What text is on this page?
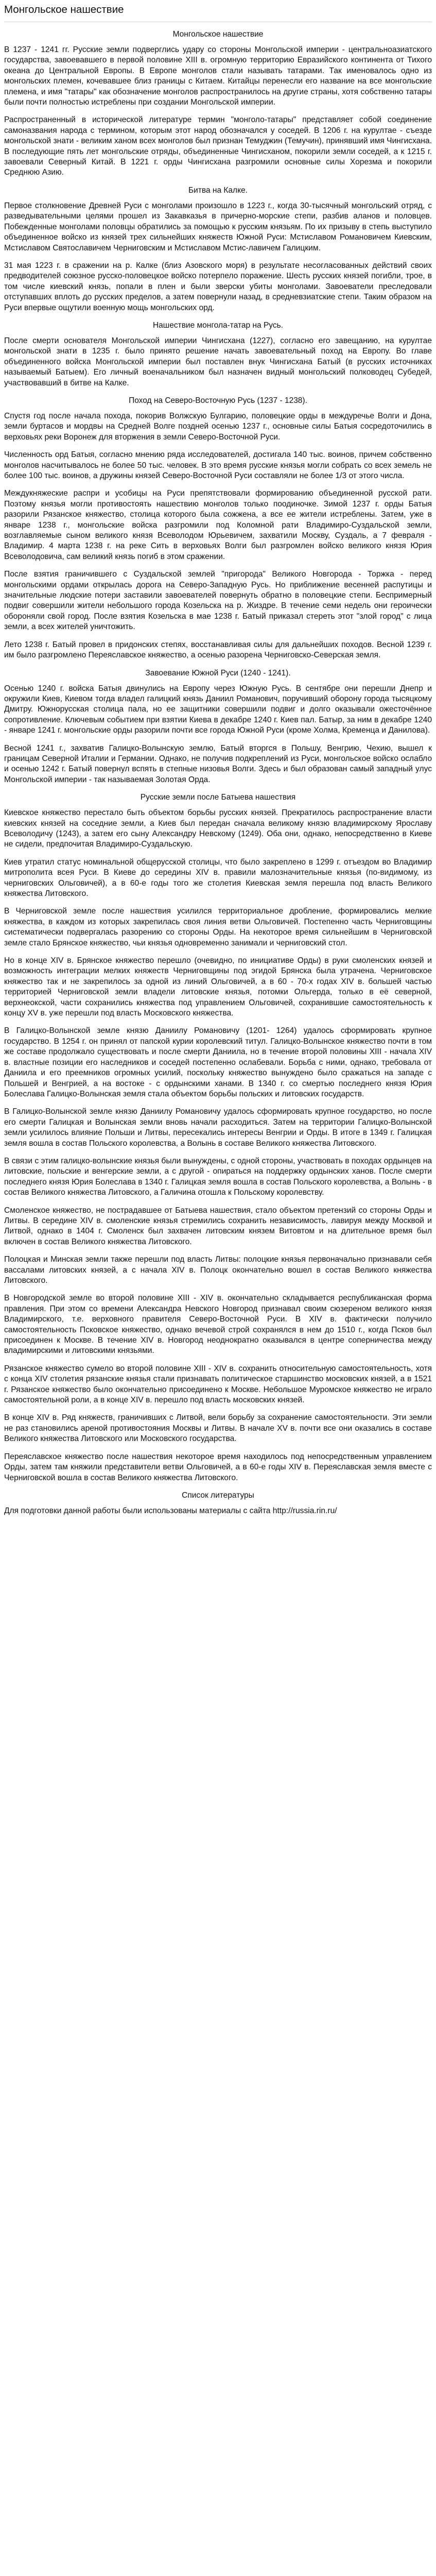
Монгольское нашествие
Монгольское нашествие

В 1237 - 1241 гг. Русские земли подверглись удару со стороны Монгольской империи - центральноазиатского государства, завоевавшего в первой половине XIII в. огромную территорию Евразийского континента от Тихого океана до Центральной Европы. В Европе монголов стали называть татарами. Так именовалось одно из монгольских племен, кочевавшее близ границы с Китаем. Китайцы перенесли его название на все монгольские племена, и имя "татары" как обозначение монголов распространилось на другие страны, хотя собственно татары были почти полностью истреблены при создании Монгольской империи.

Распространенный в исторической литературе термин "монголо-татары" представляет собой соединение самоназвания народа с термином, которым этот народ обозначался у соседей. В 1206 г. на курултае - съезде монгольской знати - великим ханом всех монголов был признан Темуджин (Темучин), принявший имя Чингисхана. В последующие пять лет монгольские отряды, объединенные Чингисханом, покорили земли соседей, а к 1215 г. завоевали Северный Китай. В 1221 г. орды Чингисхана разгромили основные силы Хорезма и покорили Среднюю Азию.

Битва на Калке.

Первое столкновение Древней Руси с монголами произошло в 1223 г., когда 30-тысячный монгольский отряд, с разведывательными целями прошел из Закавказья в причерно-морские степи, разбив аланов и половцев. Побежденные монголами половцы обратились за помощью к русским князьям. По их призыву в степь выступило объединенное войско из князей трех сильнейших княжеств Южной Руси: Мстиславом Романовичем Киевским, Мстиславом Святославичем Черниговским и Мстиславом Мстис-лавичем Галицким.

31 мая 1223 г. в сражении на р. Калке (близ Азовского моря) в результате несогласованных действий своих предводителей союзное русско-половецкое войско потерпело поражение. Шесть русских князей погибли, трое, в том числе киевский князь, попали в плен и были зверски убиты монголами. Завоеватели преследовали отступавших вплоть до русских пределов, а затем повернули назад, в средневзиатские степи. Таким образом на Руси впервые ощутили военную мощь монгольских орд.

Нашествие монгола-татар на Русь.

После смерти основателя Монгольской империи Чингисхана (1227), согласно его завещанию, на курултае монгольской знати в 1235 г. было принято решение начать завоевательный поход на Европу. Во главе объединенного войска Монгольской империи был поставлен внук Чингисхана Батый (в русских источниках называемый Батыем). Его личный военачальником был назначен видный монгольский полководец Субедей, участвовавший в битве на Калке.

Поход на Северо-Восточную Русь (1237 - 1238).

Спустя год после начала похода, покорив Волжскую Булгарию, половецкие орды в междуречье Волги и Дона, земли буртасов и мордвы на Средней Волге поздней осенью 1237 г., основные силы Батыя сосредоточились в верховьях реки Воронеж для вторжения в земли Северо-Восточной Руси.

Численность орд Батыя, согласно мнению ряда исследователей, достигала 140 тыс. воинов, причем собственно монголов насчитывалось не более 50 тыс. человек. В это время русские князья могли собрать со всех земель не более 100 тыс. воинов, а дружины князей Северо-Восточной Руси составляли не более 1/3 от этого числа.

Междукняжеские распри и усобицы на Руси препятствовали формированию объединенной русской рати. Поэтому князья могли противостоять нашествию монголов только поодиночке. Зимой 1237 г. орды Батыя разорили Рязанское княжество, столица которого была сожжена, а все ее жители истреблены. Затем, уже в январе 1238 г., монгольские войска разгромили под Коломной рати Владимиро-Суздальской земли, возглавляемые сыном великого князя Всеволодом Юрьевичем, захватили Москву, Суздаль, а 7 февраля - Владимир. 4 марта 1238 г. на реке Сить в верховьях Волги был разгромлен войско великого князя Юрия Всеволодовича, сам великий князь погиб в этом сражении.

После взятия граничившего с Суздальской землей "пригорода" Великого Новгорода - Торжка - перед монгольскими ордами открылась дорога на Северо-Западную Русь. Но приближение весенней распутицы и значительные людские потери заставили завоевателей повернуть обратно в половецкие степи. Беспримерный подвиг совершили жители небольшого города Козельска на р. Жиздре. В течение семи недель они героически обороняли свой город. После взятия Козельска в мае 1238 г. Батый приказал стереть этот "злой город" с лица земли, а всех жителей уничтожить.

Лето 1238 г. Батый провел в придонских степях, восстанавливая силы для дальнейших походов. Весной 1239 г. им было разгромлено Переяславское княжество, а осенью разорена Черниговско-Северская земля.

Завоевание Южной Руси (1240 - 1241).

Осенью 1240 г. войска Батыя двинулись на Европу через Южную Русь. В сентябре они перешли Днепр и окружили Киев, Киевом тогда владел галицкий князь Даниил Романович, поручивший оборону города тысяцкому Дмитру. Южнорусская столица пала, но ее защитники совершили подвиг и долго оказывали ожесточённое сопротивление. Ключевым событием при взятии Киева в декабре 1240 г. Киев пал. Батыр, за ним в декабре 1240 - январе 1241 г. монгольские орды разорили почти все города Южной Руси (кроме Холма, Кременца и Данилова).

Весной 1241 г., захватив Галицко-Волынскую землю, Батый вторгся в Польшу, Венгрию, Чехию, вышел к границам Северной Италии и Германии. Однако, не получив подкреплений из Руси, монгольское войско ослабло и осенью 1242 г. Батый повернул вспять в степные низовья Волги. Здесь и был образован самый западный улус Монгольской империи - так называемая Золотая Орда.

Русские земли после Батыева нашествия

Киевское княжество перестало быть объектом борьбы русских князей. Прекратилось распространение власти киевских князей на соседние земли, а Киев был передан сначала великому князю владимирскому Ярославу Всеволодичу (1243), а затем его сыну Александру Невскому (1249). Оба они, однако, непосредственно в Киеве не сидели, предпочитая Владимиро-Суздальскую.

Киев утратил статус номинальной общерусской столицы, что было закреплено в 1299 г. отъездом во Владимир митрополита всея Руси. В Киеве до середины XIV в. правили малозначительные князья (по-видимому, из черниговских Ольговичей), а в 60-е годы того же столетия Киевская земля перешла под власть Великого княжества Литовского.

В Черниговской земле после нашествия усилился территориальное дробление, формировались мелкие княжества, в каждом из которых закрепилась своя линия ветви Ольговичей. Постепенно часть Черниговщины систематически подвергалась разорению со стороны Орды. На некоторое время сильнейшим в Черниговской земле стало Брянское княжество, чьи князья одновременно занимали и черниговский стол.

Но в конце XIV в. Брянское княжество перешло (очевидно, по инициативе Орды) в руки смоленских князей и возможность интеграции мелких княжеств Черниговщины под эгидой Брянска была утрачена. Черниговское княжество так и не закрепилось за одной из линий Ольговичей, а в 60 - 70-х годах XIV в. большей частью территорией Черниговской земли владели литовские князья, потомки Ольгерда, только в её северной, верхнеокской, части сохранились княжества под управлением Ольговичей, сохранившие самостоятельность к концу XV в. уже перешли под власть Московского княжества.

В Галицко-Волынской земле князю Даниилу Романовичу (1201- 1264) удалось сформировать крупное государство. В 1254 г. он принял от папской курии королевский титул. Галицко-Волынское княжество почти в том же составе продолжало существовать и после смерти Даниила, но в течение второй половины XIII - начала XIV в. властные позиции его наследников и соседей постепенно ослабевали. Борьба с ними, однако, требовала от Даниила и его преемников огромных усилий, поскольку княжество вынуждено было сражаться на западе с Польшей и Венгрией, а на востоке - с ордынскими ханами. В 1340 г. со смертью последнего князя Юрия Болеслава Галицко-Волынская земля стала объектом борьбы польских и литовских государств.

В Галицко-Волынской земле князю Даниилу Романовичу удалось сформировать крупное государство, но после его смерти Галицкая и Волынская земли вновь начали расходиться. Затем на территории Галицко-Волынской земли усилилось влияние Польши и Литвы, пересекались интересы Венгрии и Орды. В итоге в 1349 г. Галицкая земля вошла в состав Польского королевства, а Волынь в составе Великого княжества Литовского.

В связи с этим галицко-волынские князья были вынуждены, с одной стороны, участвовать в походах ордынцев на литовские, польские и венгерские земли, а с другой - опираться на поддержку ордынских ханов. После смерти последнего князя Юрия Болеслава в 1340 г. Галицкая земля вошла в состав Польского королевства, а Волынь - в состав Великого княжества Литовского, а Галичина отошла к Польскому королевству.

Смоленское княжество, не пострадавшее от Батыева нашествия, стало объектом претензий со стороны Орды и Литвы. В середине XIV в. смоленские князья стремились сохранить независимость, лавируя между Москвой и Литвой, однако в 1404 г. Смоленск был захвачен литовским князем Витовтом и на длительное время был включен в состав Великого княжества Литовского.

Полоцкая и Минская земли также перешли под власть Литвы: полоцкие князья первоначально признавали себя вассалами литовских князей, а с начала XIV в. Полоцк окончательно вошел в состав Великого княжества Литовского.

В Новгородской земле во второй половине XIII - XIV в. окончательно складывается республиканская форма правления. При этом со времени Александра Невского Новгород признавал своим сюзереном великого князя Владимирского, т.е. верховного правителя Северо-Восточной Руси. В XIV в. фактически получило самостоятельность Псковское княжество, однако вечевой строй сохранялся в нем до 1510 г., когда Псков был присоединен к Москве. В течение XIV в. Новгород неоднократно оказывался в центре соперничества между владимирскими и литовскими князьями.

Рязанское княжество сумело во второй половине XIII - XIV в. сохранить относительную самостоятельность, хотя с конца XIV столетия рязанские князья стали признавать политическое старшинство московских князей, а в 1521 г. Рязанское княжество было окончательно присоединено к Москве. Небольшое Муромское княжество не играло самостоятельной роли, а в конце XIV в. перешло под власть московских князей.

В конце XIV в. Ряд княжеств, граничивших с Литвой, вели борьбу за сохранение самостоятельности. Эти земли не раз становились ареной противостояния Москвы и Литвы. В начале XV в. почти все они оказались в составе Великого княжества Литовского или Московского государства.

Переяславское княжество после нашествия некоторое время находилось под непосредственным управлением Орды, затем там княжили представители ветви Ольговичей, а в 60-е годы XIV в. Переяславская земля вместе с Черниговской вошла в состав Великого княжества Литовского.

Список литературы

Для подготовки данной работы были использованы материалы с сайта http://russia.rin.ru/
